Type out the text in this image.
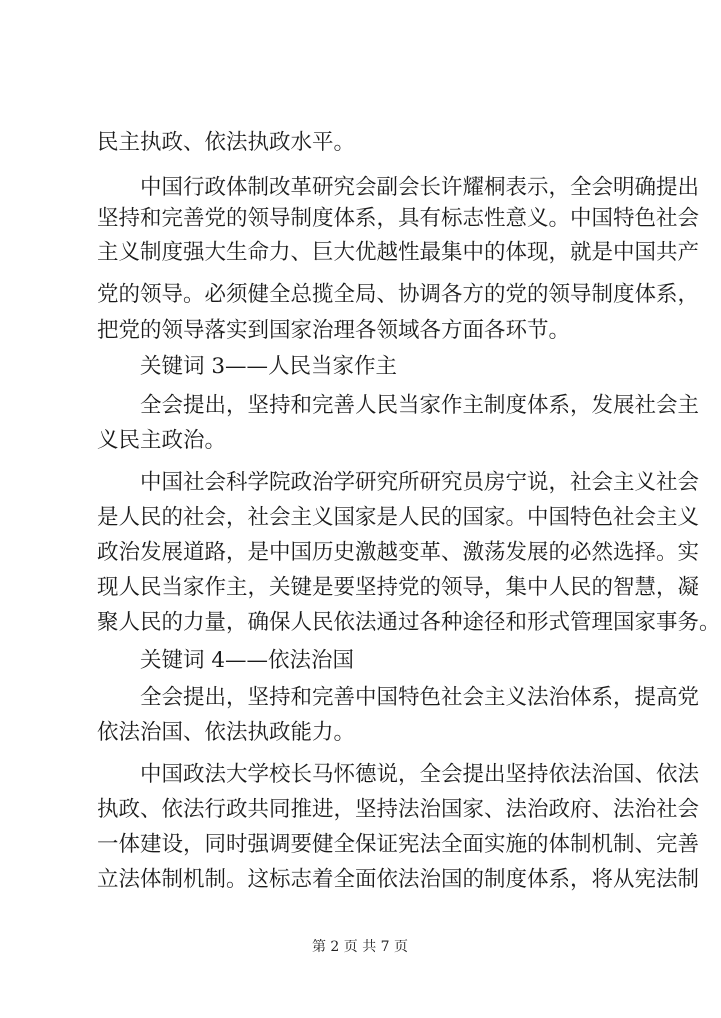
民主执政、依法执政水平。
中国行政体制改革研究会副会长许耀桐表示，全会明确提出
坚持和完善党的领导制度体系，具有标志性意义。中国特色社会
主义制度强大生命力、巨大优越性最集中的体现，就是中国共产
党的领导。必须健全总揽全局、协调各方的党的领导制度体系，
把党的领导落实到国家治理各领域各方面各环节。
关键词 3——人民当家作主
全会提出，坚持和完善人民当家作主制度体系，发展社会主
义民主政治。
中国社会科学院政治学研究所研究员房宁说，社会主义社会
是人民的社会，社会主义国家是人民的国家。中国特色社会主义
政治发展道路，是中国历史激越变革、激荡发展的必然选择。实
现人民当家作主，关键是要坚持党的领导，集中人民的智慧，凝
聚人民的力量，确保人民依法通过各种途径和形式管理国家事务。
关键词 4——依法治国
全会提出，坚持和完善中国特色社会主义法治体系，提高党
依法治国、依法执政能力。
中国政法大学校长马怀德说，全会提出坚持依法治国、依法
执政、依法行政共同推进，坚持法治国家、法治政府、法治社会
一体建设，同时强调要健全保证宪法全面实施的体制机制、完善
立法体制机制。这标志着全面依法治国的制度体系，将从宪法制
第 2 页 共 7 页
